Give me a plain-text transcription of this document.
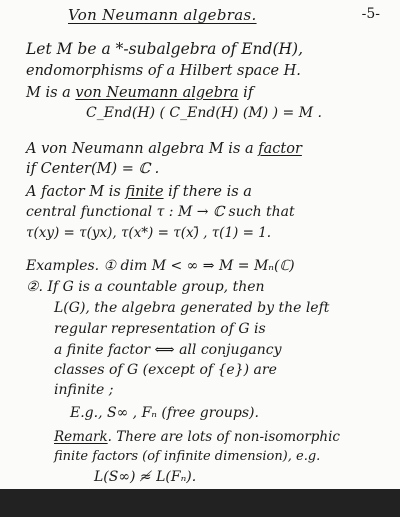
Von Neumann algebras.	-5-
Let M be a *-subalgebra of End(H),
endomorphisms of a Hilbert space H.
M is a von Neumann algebra if
C_End(H) ( C_End(H) (M) ) = M .
A von Neumann algebra M is a factor
if Center(M) = ℂ .
A factor M is finite if there is a
central functional τ : M → ℂ such that
τ(xy) = τ(yx), τ(x*) = τ(x)̄ , τ(1) = 1.
Examples. ① dim M < ∞ ⇒ M = Mₙ(ℂ)
②. If G is a countable group, then
L(G), the algebra generated by the left
regular representation of G is
a finite factor ⟺ all conjugancy
classes of G (except of {e}) are
infinite ;
E.g., S∞ , Fₙ (free groups).
Remark. There are lots of non-isomorphic
finite factors (of infinite dimension), e.g.
L(S∞) ≉ L(Fₙ).
